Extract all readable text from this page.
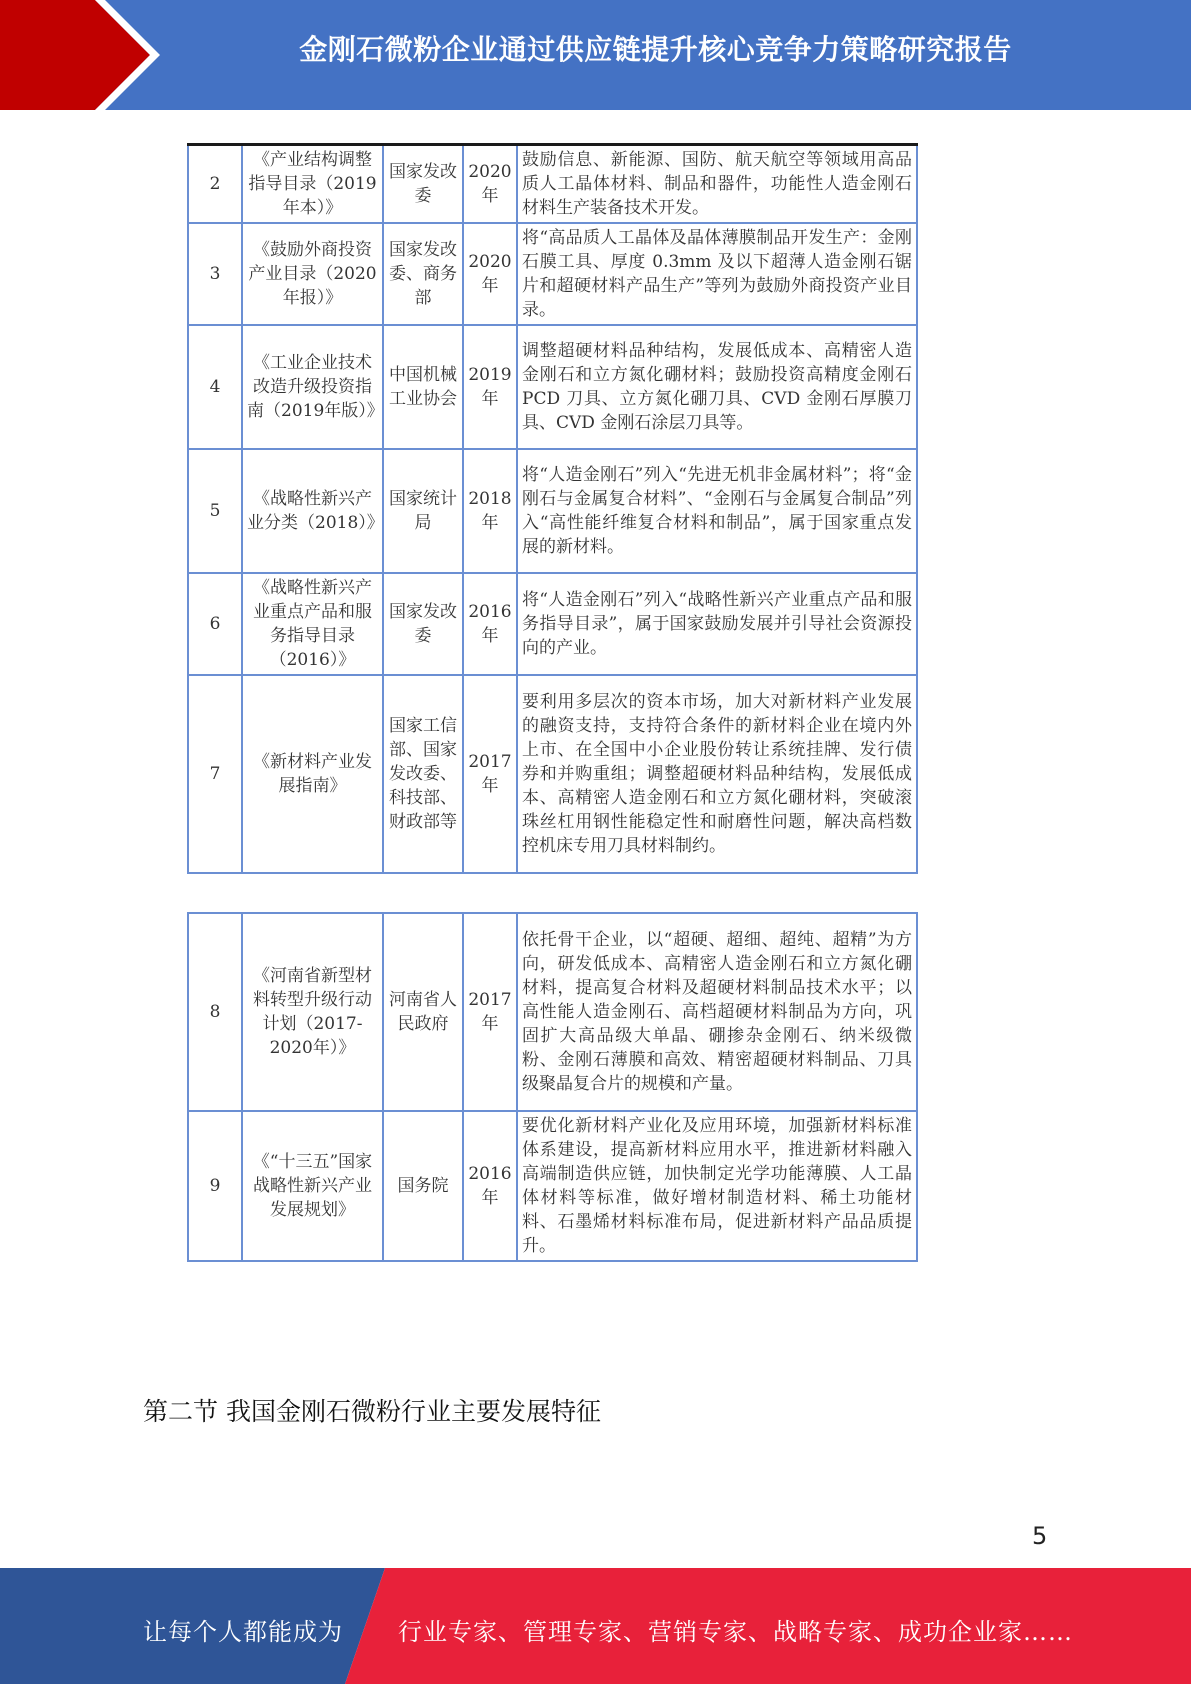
金刚石微粉企业通过供应链提升核心竞争力策略研究报告
2	《产业结构调整指导目录（2019年本）》	国家发改委	2020年	鼓励信息、新能源、国防、航天航空等领域用高品质人工晶体材料、制品和器件，功能性人造金刚石材料生产装备技术开发。
3	《鼓励外商投资产业目录（2020年报）》	国家发改委、商务部	2020年	将“高品质人工晶体及晶体薄膜制品开发生产：金刚石膜工具、厚度 0.3mm 及以下超薄人造金刚石锯片和超硬材料产品生产”等列为鼓励外商投资产业目录。
4	《工业企业技术改造升级投资指南（2019年版）》	中国机械工业协会	2019年	调整超硬材料品种结构，发展低成本、高精密人造金刚石和立方氮化硼材料；鼓励投资高精度金刚石 PCD 刀具、立方氮化硼刀具、CVD 金刚石厚膜刀具、CVD 金刚石涂层刀具等。
5	《战略性新兴产业分类（2018）》	国家统计局	2018年	将“人造金刚石”列入“先进无机非金属材料”；将“金刚石与金属复合材料”、“金刚石与金属复合制品”列入“高性能纤维复合材料和制品”，属于国家重点发展的新材料。
6	《战略性新兴产业重点产品和服务指导目录（2016）》	国家发改委	2016年	将“人造金刚石”列入“战略性新兴产业重点产品和服务指导目录”，属于国家鼓励发展并引导社会资源投向的产业。
7	《新材料产业发展指南》	国家工信部、国家发改委、科技部、财政部等	2017年	要利用多层次的资本市场，加大对新材料产业发展的融资支持，支持符合条件的新材料企业在境内外上市、在全国中小企业股份转让系统挂牌、发行债券和并购重组；调整超硬材料品种结构，发展低成本、高精密人造金刚石和立方氮化硼材料，突破滚珠丝杠用钢性能稳定性和耐磨性问题，解决高档数控机床专用刀具材料制约。
8	《河南省新型材料转型升级行动计划（2017-2020年）》	河南省人民政府	2017年	依托骨干企业，以“超硬、超细、超纯、超精”为方向，研发低成本、高精密人造金刚石和立方氮化硼材料，提高复合材料及超硬材料制品技术水平；以高性能人造金刚石、高档超硬材料制品为方向，巩固扩大高品级大单晶、硼掺杂金刚石、纳米级微粉、金刚石薄膜和高效、精密超硬材料制品、刀具级聚晶复合片的规模和产量。
9	《“十三五”国家战略性新兴产业发展规划》	国务院	2016年	要优化新材料产业化及应用环境，加强新材料标准体系建设，提高新材料应用水平，推进新材料融入高端制造供应链，加快制定光学功能薄膜、人工晶体材料等标准，做好增材制造材料、稀土功能材料、石墨烯材料标准布局，促进新材料产品品质提升。
第二节 我国金刚石微粉行业主要发展特征
5
让每个人都能成为 行业专家、管理专家、营销专家、战略专家、成功企业家……
